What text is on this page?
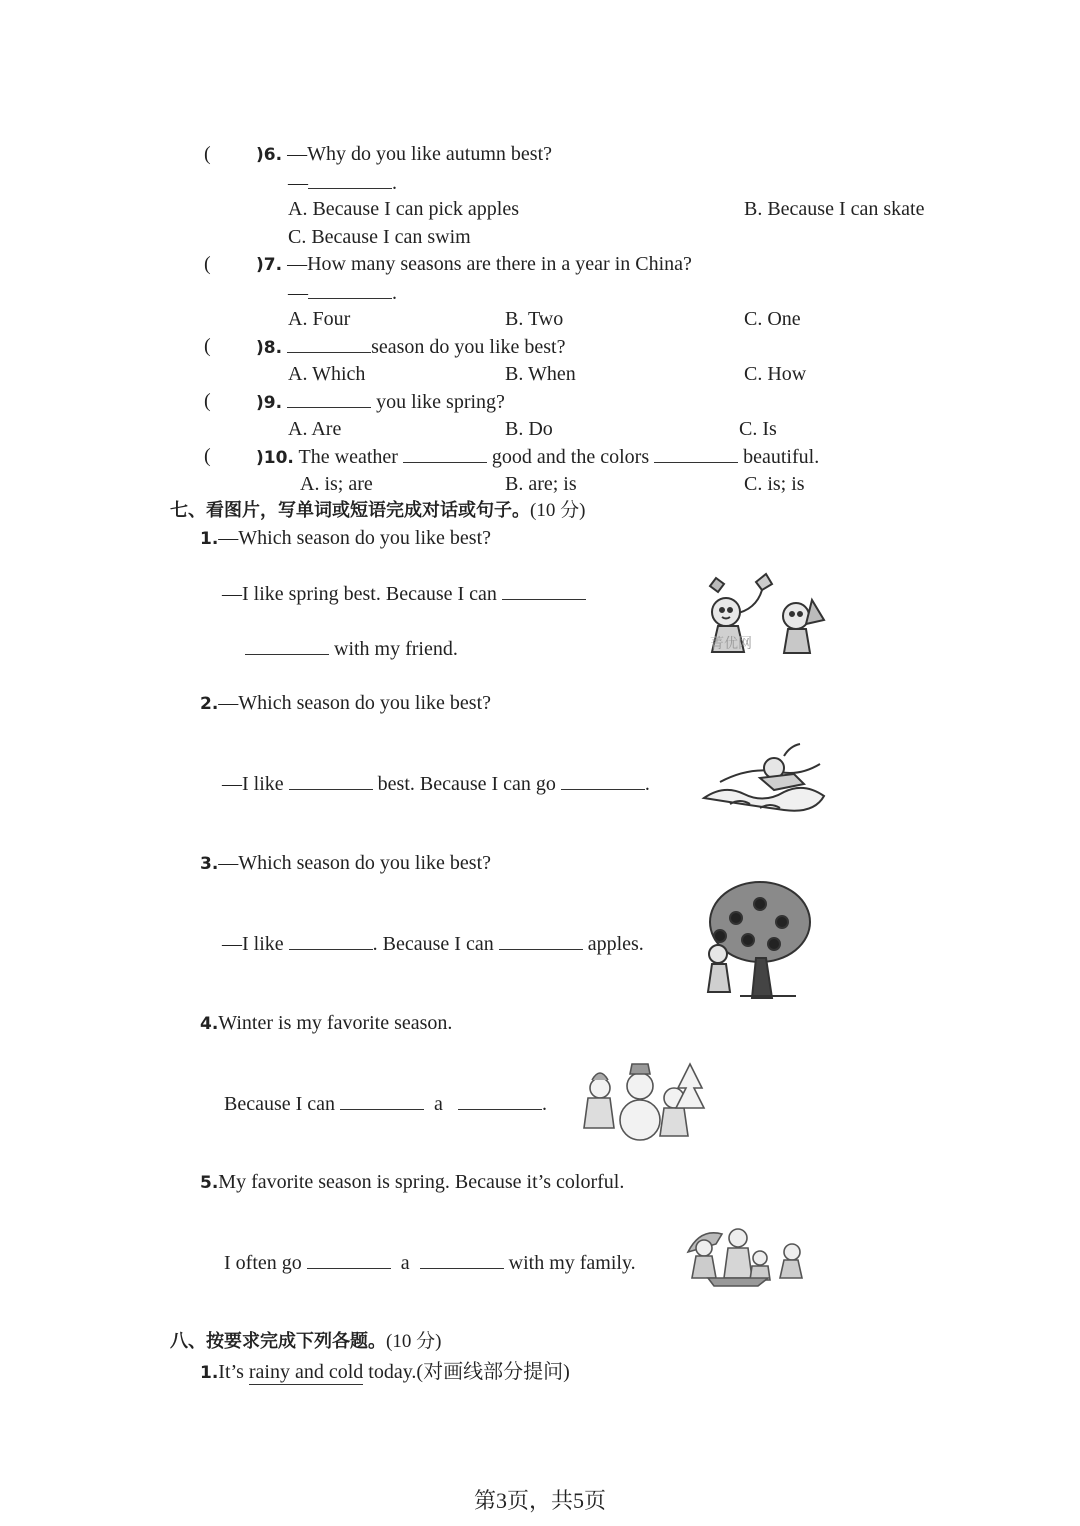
(	)6. —Why do you like autumn best?
—	.
A. Because I can pick apples	B. Because I can skate
C. Because I can swim
(	)7. —How many seasons are there in a year in China?
—	.
A. Four	B. Two	C. One
(	)8.	season do you like best?
A. Which	B. When	C. How
(	)9.	you like spring?
A. Are	B. Do	C. Is
(	)10. The weather	good and the colors	beautiful.
A. is; are	B. are; is	C. is; is
七、看图片，写单词或短语完成对话或句子。(10 分)
1.—Which season do you like best?
—I like spring best. Because I can
with my friend.	菁优网
2.—Which season do you like best?
—I like	best. Because I can go	.
3.—Which season do you like best?
—I like	. Because I can	apples.
4.Winter is my favorite season.
Because I can	a	.
5.My favorite season is spring. Because it’s colorful.
I often go	a	with my family.
八、按要求完成下列各题。(10 分)
1.It’s rainy and cold today.(对画线部分提问)
第3页，共5页
